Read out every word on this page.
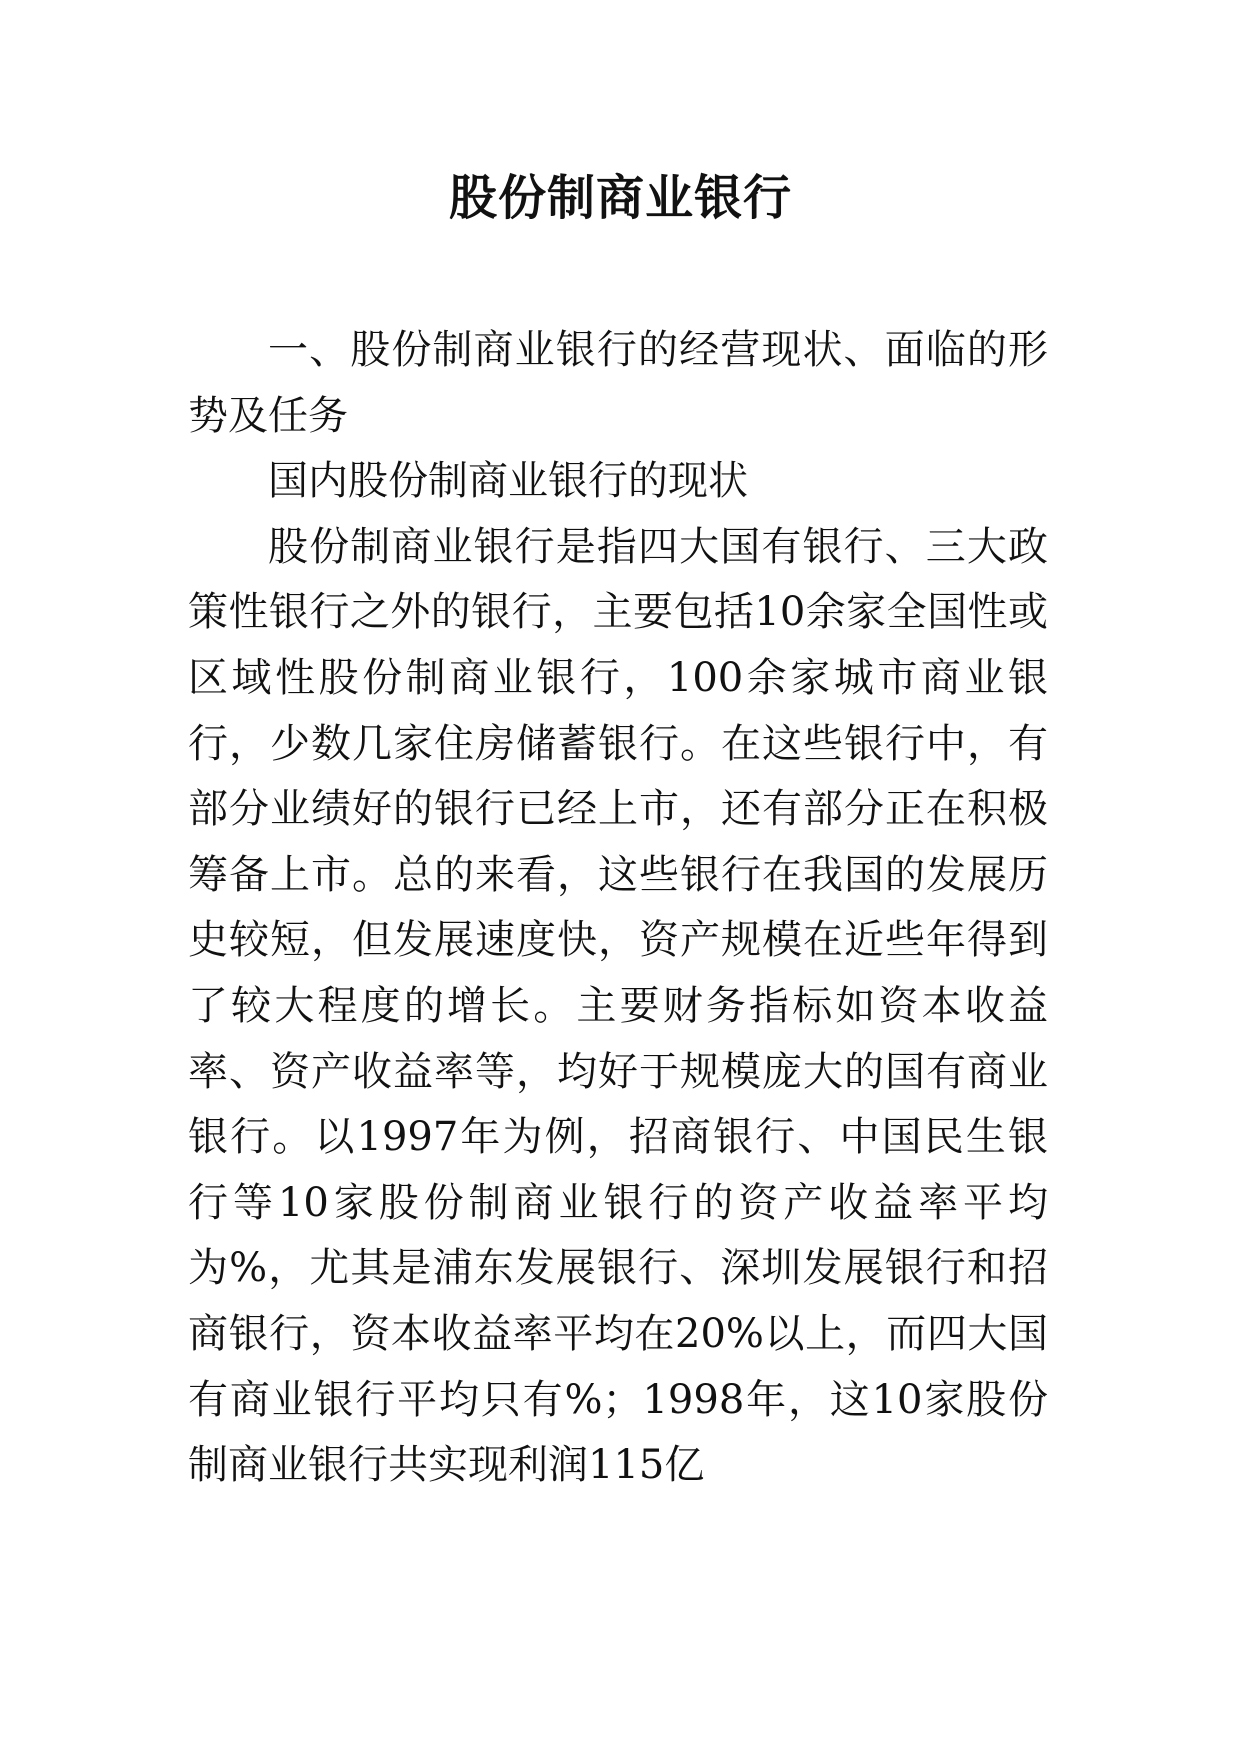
股份制商业银行

一、股份制商业银行的经营现状、面临的形势及任务

国内股份制商业银行的现状

股份制商业银行是指四大国有银行、三大政策性银行之外的银行，主要包括10余家全国性或区域性股份制商业银行，100余家城市商业银行，少数几家住房储蓄银行。在这些银行中，有部分业绩好的银行已经上市，还有部分正在积极筹备上市。总的来看，这些银行在我国的发展历史较短，但发展速度快，资产规模在近些年得到了较大程度的增长。主要财务指标如资本收益率、资产收益率等，均好于规模庞大的国有商业银行。以1997年为例，招商银行、中国民生银行等10家股份制商业银行的资产收益率平均为%，尤其是浦东发展银行、深圳发展银行和招商银行，资本收益率平均在20%以上，而四大国有商业银行平均只有%；1998年，这10家股份制商业银行共实现利润115亿
